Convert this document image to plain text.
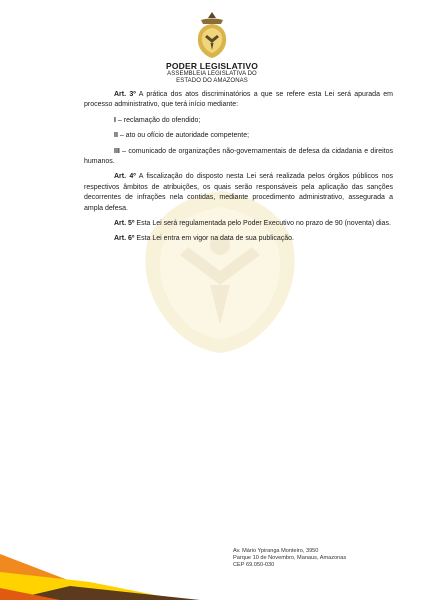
PODER LEGISLATIVO
ASSEMBLEIA LEGISLATIVA DO
ESTADO DO AMAZONAS

Art. 3º A prática dos atos discriminatórios a que se refere esta Lei será apurada em processo administrativo, que terá início mediante:

I – reclamação do ofendido;

II – ato ou ofício de autoridade competente;

III – comunicado de organizações não-governamentais de defesa da cidadania e direitos humanos.

Art. 4º A fiscalização do disposto nesta Lei será realizada pelos órgãos públicos nos respectivos âmbitos de atribuições, os quais serão responsáveis pela aplicação das sanções decorrentes de infrações nela contidas, mediante procedimento administrativo, assegurada a ampla defesa.

Art. 5º Esta Lei será regulamentada pelo Poder Executivo no prazo de 90 (noventa) dias.

Art. 6º Esta Lei entra em vigor na data de sua publicação.

Av. Mário Ypiranga Monteiro, 3950
Parque 10 de Novembro, Manaus, Amazonas
CEP 69.050-030
